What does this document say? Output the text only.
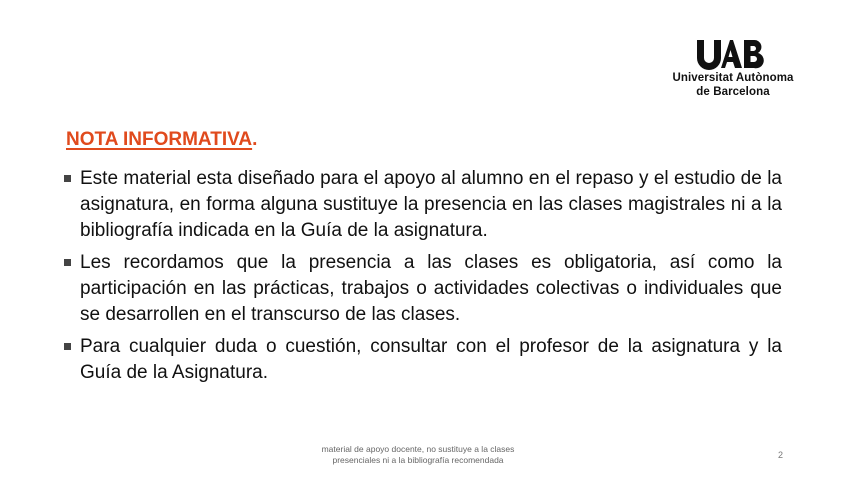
Universitat Autònoma
de Barcelona
NOTA INFORMATIVA.
Este material esta diseñado para el apoyo al alumno en el repaso y el estudio de la asignatura, en forma alguna sustituye la presencia en las clases magistrales ni a la bibliografía indicada en la Guía de la asignatura.
Les recordamos que la presencia a las clases es obligatoria, así como la participación en las prácticas, trabajos o actividades colectivas o individuales que se desarrollen en el transcurso de las clases.
Para cualquier duda o cuestión, consultar con el profesor de la asignatura y la Guía de la Asignatura.
material de apoyo docente, no sustituye a la clases
presenciales ni a la bibliografía recomendada	2
